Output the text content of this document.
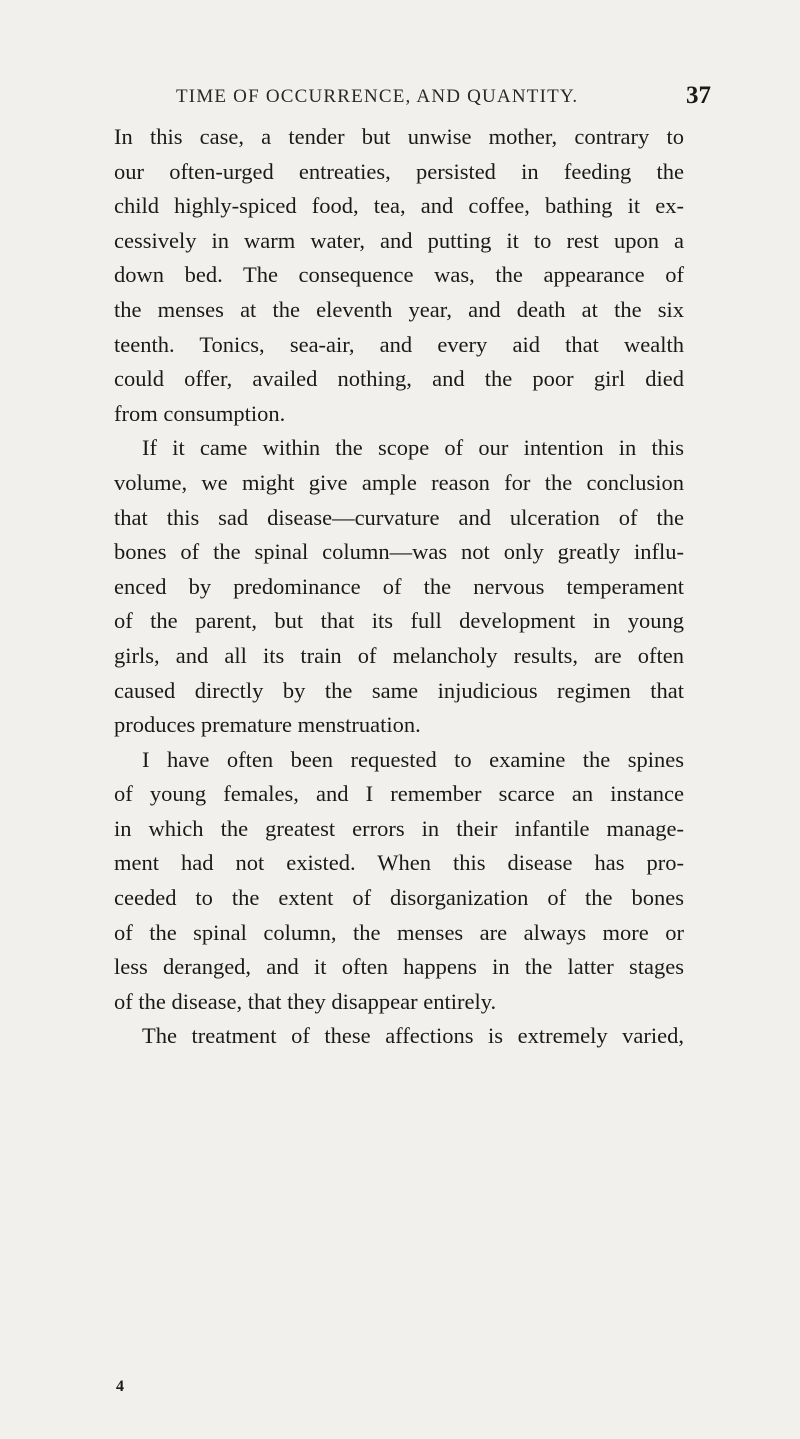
TIME OF OCCURRENCE, AND QUANTITY.	37
In this case, a tender but unwise mother, contrary to
our often-urged entreaties, persisted in feeding the
child highly-spiced food, tea, and coffee, bathing it ex-
cessively in warm water, and putting it to rest upon a
down bed. The consequence was, the appearance of
the menses at the eleventh year, and death at the six
teenth. Tonics, sea-air, and every aid that wealth
could offer, availed nothing, and the poor girl died
from consumption.
If it came within the scope of our intention in this
volume, we might give ample reason for the conclusion
that this sad disease—curvature and ulceration of the
bones of the spinal column—was not only greatly influ-
enced by predominance of the nervous temperament
of the parent, but that its full development in young
girls, and all its train of melancholy results, are often
caused directly by the same injudicious regimen that
produces premature menstruation.
I have often been requested to examine the spines
of young females, and I remember scarce an instance
in which the greatest errors in their infantile manage-
ment had not existed. When this disease has pro-
ceeded to the extent of disorganization of the bones
of the spinal column, the menses are always more or
less deranged, and it often happens in the latter stages
of the disease, that they disappear entirely.
The treatment of these affections is extremely varied,
4
